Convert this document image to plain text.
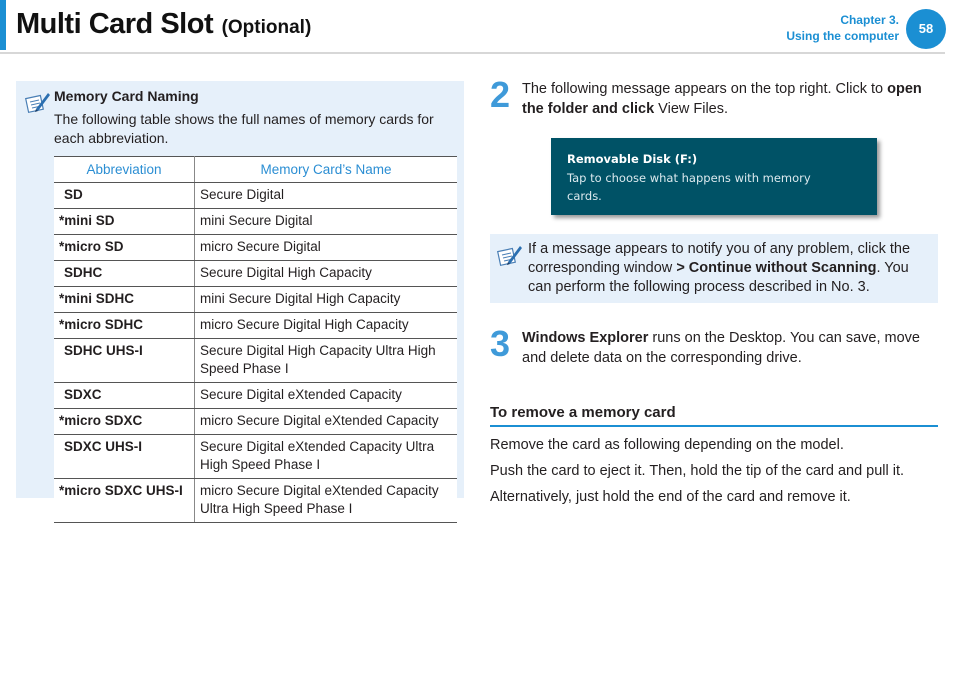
Multi Card Slot (Optional)	Chapter 3.
Using the computer	58
Memory Card Naming
The following table shows the full names of memory cards for each abbreviation.
Abbreviation	Memory Card’s Name
SD	Secure Digital
*mini SD	mini Secure Digital
*micro SD	micro Secure Digital
SDHC	Secure Digital High Capacity
*mini SDHC	mini Secure Digital High Capacity
*micro SDHC	micro Secure Digital High Capacity
SDHC UHS-I	Secure Digital High Capacity Ultra High Speed Phase I
SDXC	Secure Digital eXtended Capacity
*micro SDXC	micro Secure Digital eXtended Capacity
SDXC UHS-I	Secure Digital eXtended Capacity Ultra High Speed Phase I
*micro SDXC UHS-I	micro Secure Digital eXtended Capacity Ultra High Speed Phase I
2 The following message appears on the top right. Click to open the folder and click View Files.
Removable Disk (F:)
Tap to choose what happens with memory cards.
If a message appears to notify you of any problem, click the corresponding window > Continue without Scanning. You can perform the following process described in No. 3.
3 Windows Explorer runs on the Desktop. You can save, move and delete data on the corresponding drive.
To remove a memory card
Remove the card as following depending on the model.
Push the card to eject it. Then, hold the tip of the card and pull it.
Alternatively, just hold the end of the card and remove it.
